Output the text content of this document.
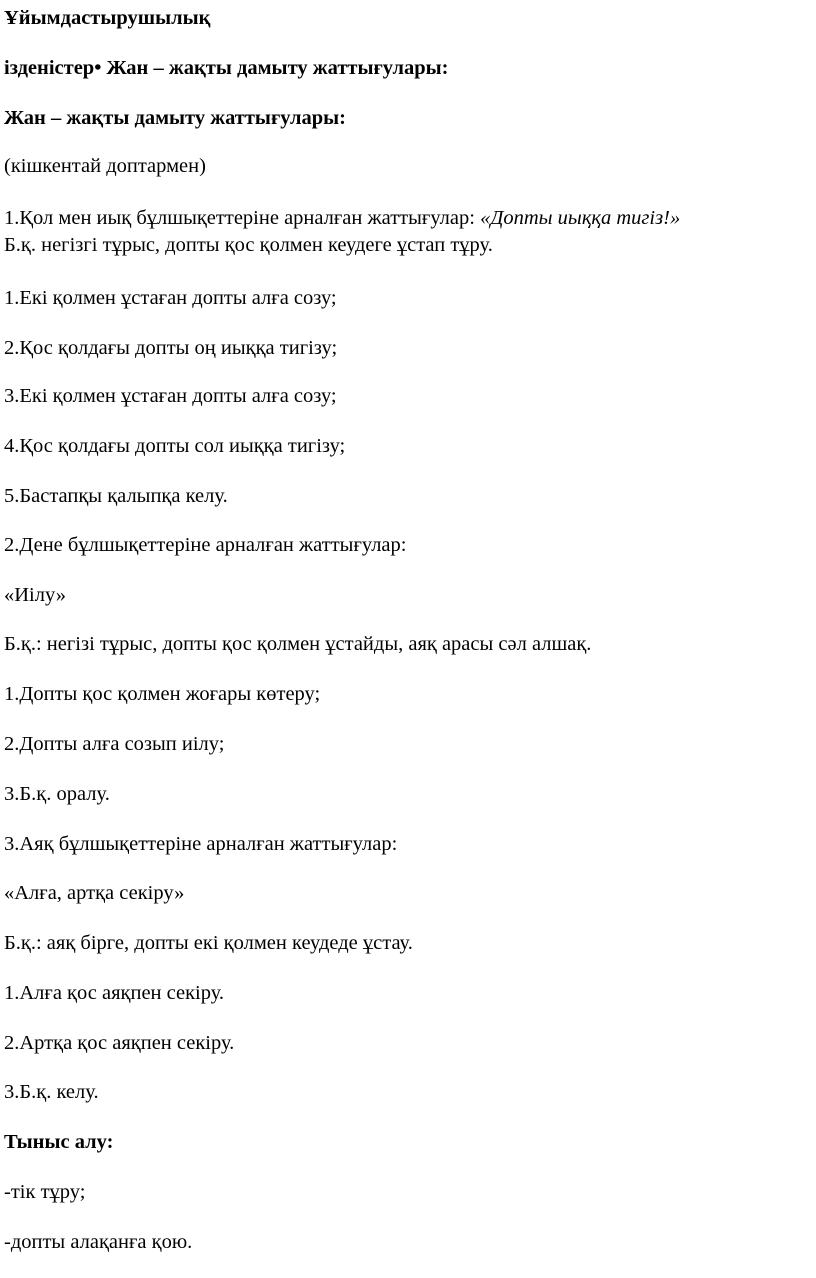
Ұйымдастырушылық
ізденістер• Жан – жақты дамыту жаттығулары:
Жан – жақты дамыту жаттығулары:
(кішкентай доптармен)
1.Қол мен иық бұлшықеттеріне арналған жаттығулар: «Допты иыққа тигіз!»
Б.қ. негізгі тұрыс, допты қос қолмен кеудеге ұстап тұру.
1.Екі қолмен ұстаған допты алға созу;
2.Қос қолдағы допты оң иыққа тигізу;
3.Екі қолмен ұстаған допты алға созу;
4.Қос қолдағы допты сол иыққа тигізу;
5.Бастапқы қалыпқа келу.
2.Дене бұлшықеттеріне арналған жаттығулар:
«Иілу»
Б.қ.: негізі тұрыс, допты қос қолмен ұстайды, аяқ арасы сәл алшақ.
1.Допты қос қолмен жоғары көтеру;
2.Допты алға созып иілу;
3.Б.қ. оралу.
3.Аяқ бұлшықеттеріне арналған жаттығулар:
«Алға, артқа секіру»
Б.қ.: аяқ бірге, допты екі қолмен кеудеде ұстау.
1.Алға қос аяқпен секіру.
2.Артқа қос аяқпен секіру.
3.Б.қ. келу.
Тыныс алу:
-тік тұру;
-допты алақанға қою.
